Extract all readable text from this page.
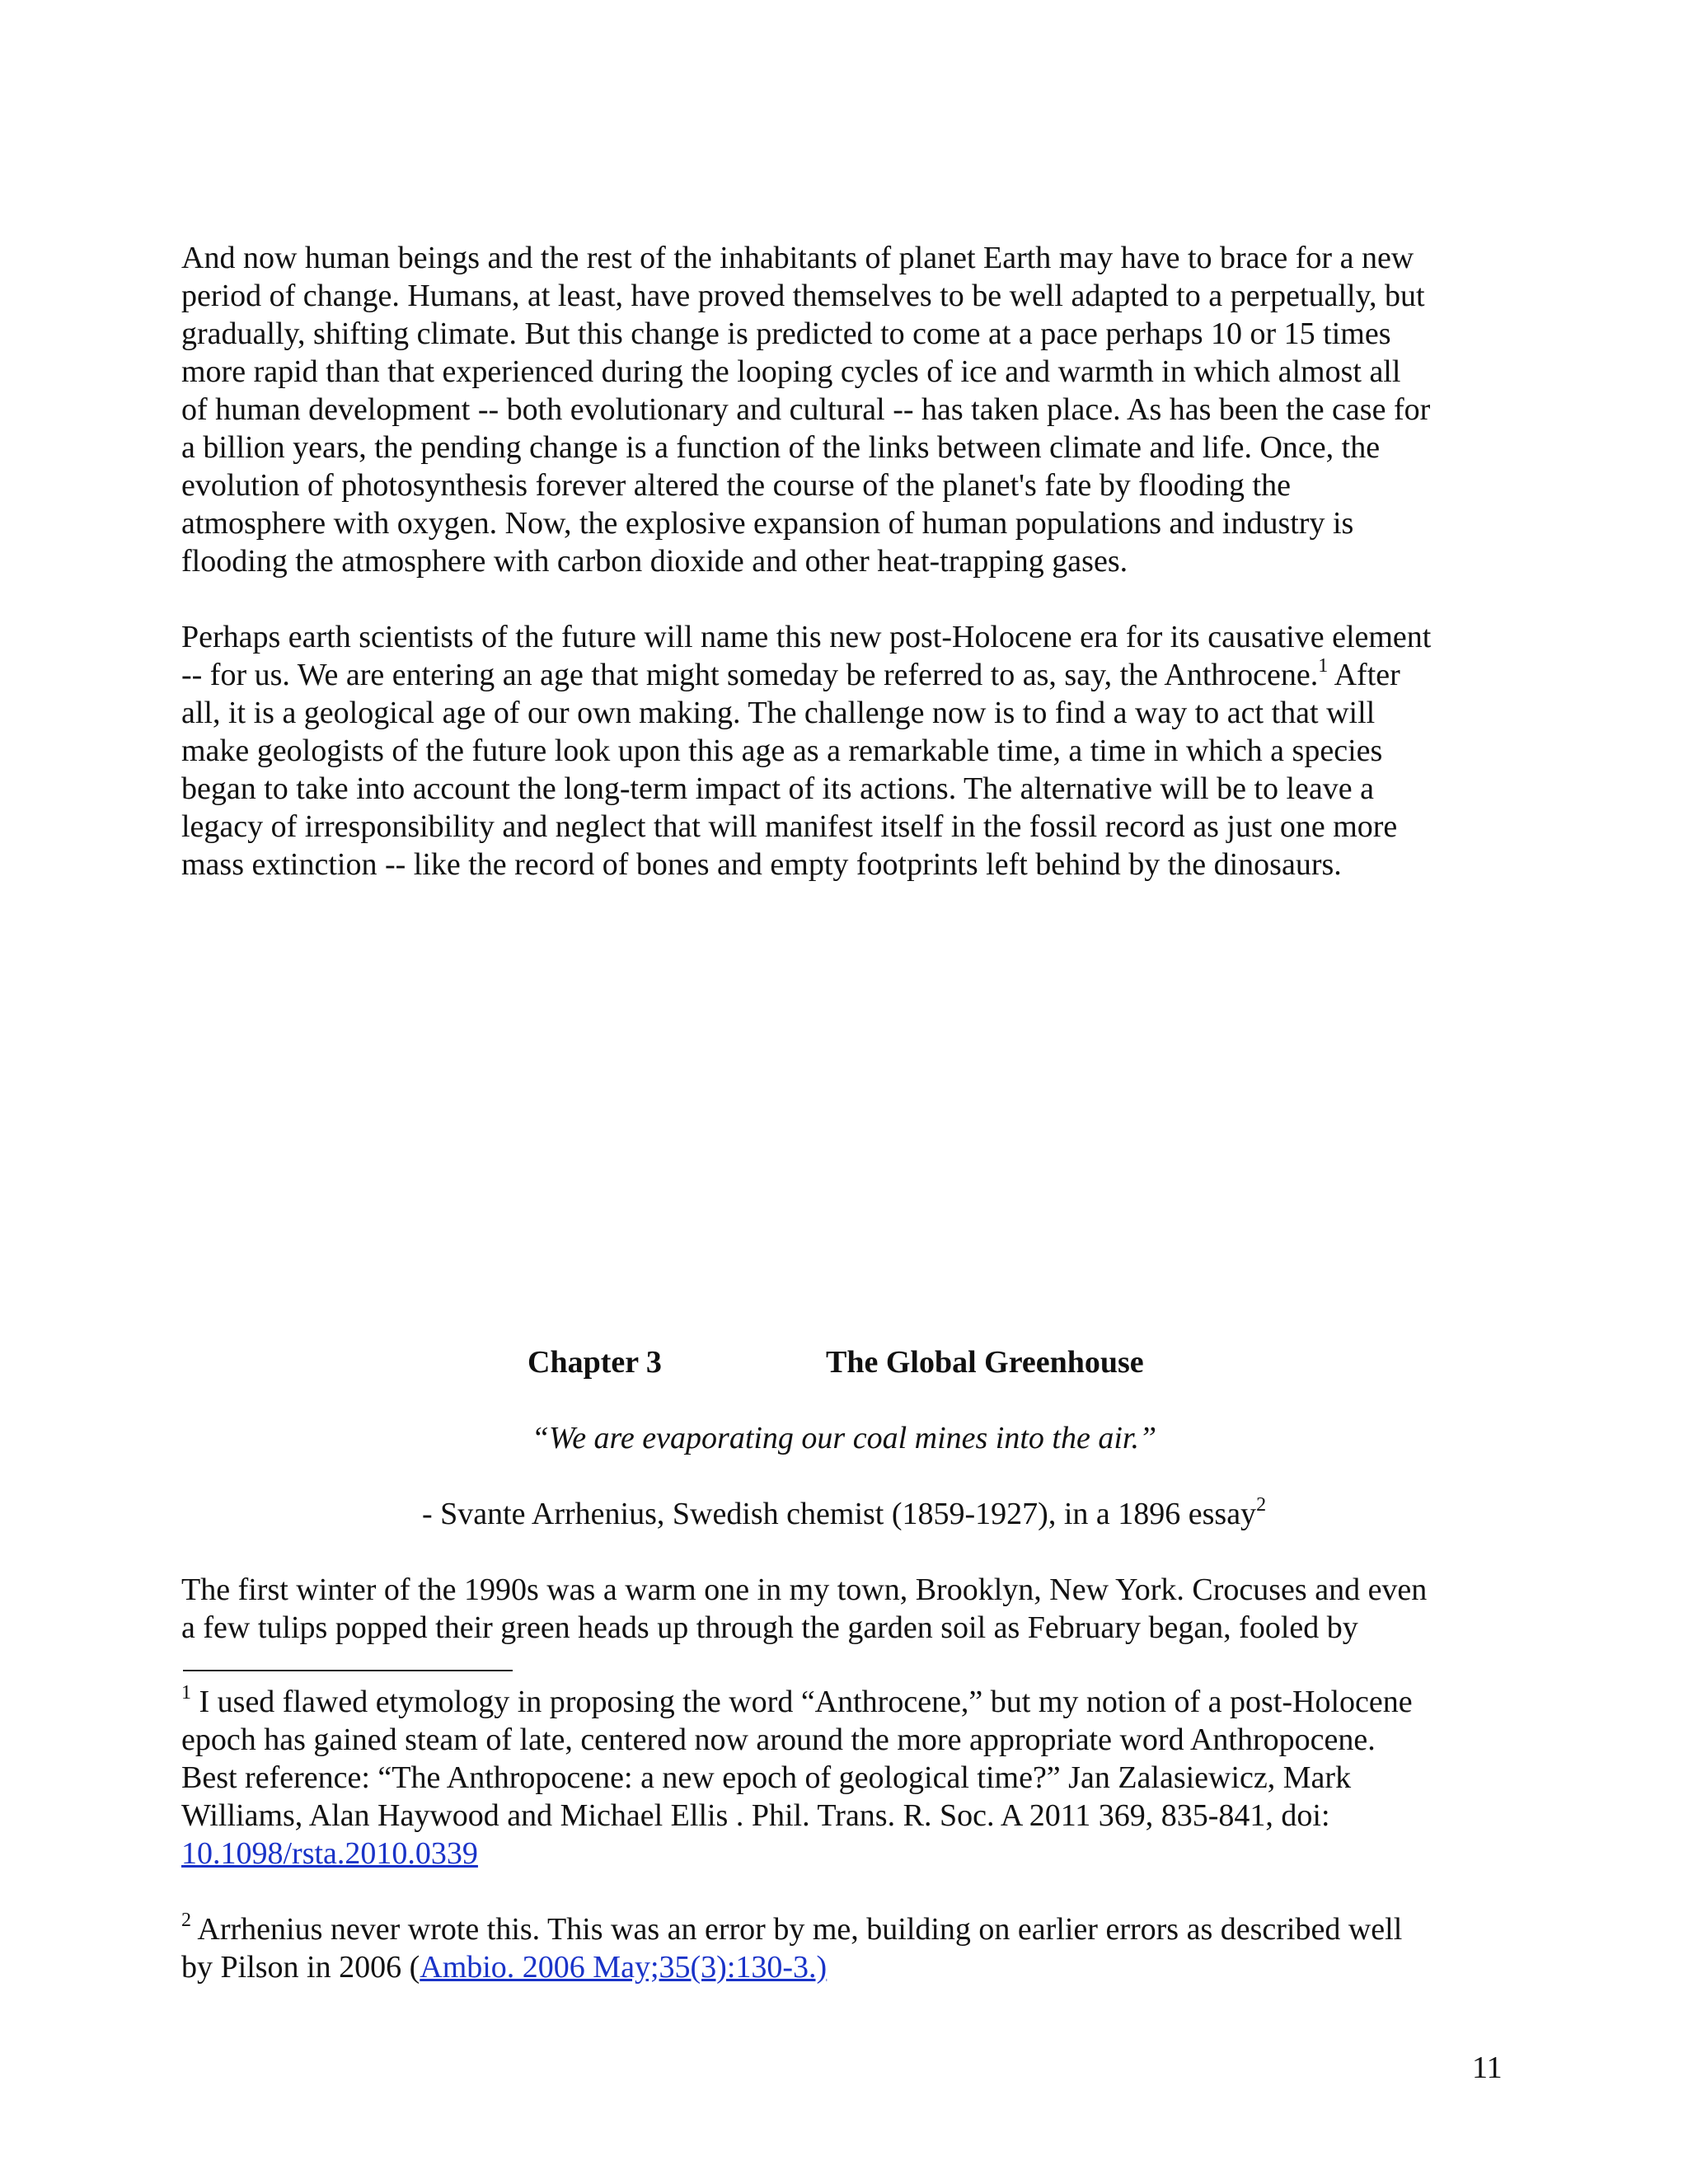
And now human beings and the rest of the inhabitants of planet Earth may have to brace for a new
period of change. Humans, at least, have proved themselves to be well adapted to a perpetually, but
gradually, shifting climate. But this change is predicted to come at a pace perhaps 10 or 15 times
more rapid than that experienced during the looping cycles of ice and warmth in which almost all
of human development -- both evolutionary and cultural -- has taken place. As has been the case for
a billion years, the pending change is a function of the links between climate and life. Once, the
evolution of photosynthesis forever altered the course of the planet's fate by flooding the
atmosphere with oxygen. Now, the explosive expansion of human populations and industry is
flooding the atmosphere with carbon dioxide and other heat-trapping gases.
Perhaps earth scientists of the future will name this new post-Holocene era for its causative element
-- for us. We are entering an age that might someday be referred to as, say, the Anthrocene.$^1$ After
all, it is a geological age of our own making. The challenge now is to find a way to act that will
make geologists of the future look upon this age as a remarkable time, a time in which a species
began to take into account the long-term impact of its actions. The alternative will be to leave a
legacy of irresponsibility and neglect that will manifest itself in the fossil record as just one more
mass extinction -- like the record of bones and empty footprints left behind by the dinosaurs.
Chapter 3	The Global Greenhouse
“We are evaporating our coal mines into the air.”
- Svante Arrhenius, Swedish chemist (1859-1927), in a 1896 essay$^2$
The first winter of the 1990s was a warm one in my town, Brooklyn, New York. Crocuses and even
a few tulips popped their green heads up through the garden soil as February began, fooled by
$^1$ I used flawed etymology in proposing the word “Anthrocene,” but my notion of a post-Holocene
epoch has gained steam of late, centered now around the more appropriate word Anthropocene.
Best reference: “The Anthropocene: a new epoch of geological time?” Jan Zalasiewicz, Mark
Williams, Alan Haywood and Michael Ellis . Phil. Trans. R. Soc. A 2011 369, 835-841, doi:
10.1098/rsta.2010.0339
$^2$ Arrhenius never wrote this. This was an error by me, building on earlier errors as described well
by Pilson in 2006 (Ambio. 2006 May;35(3):130-3.)
11
